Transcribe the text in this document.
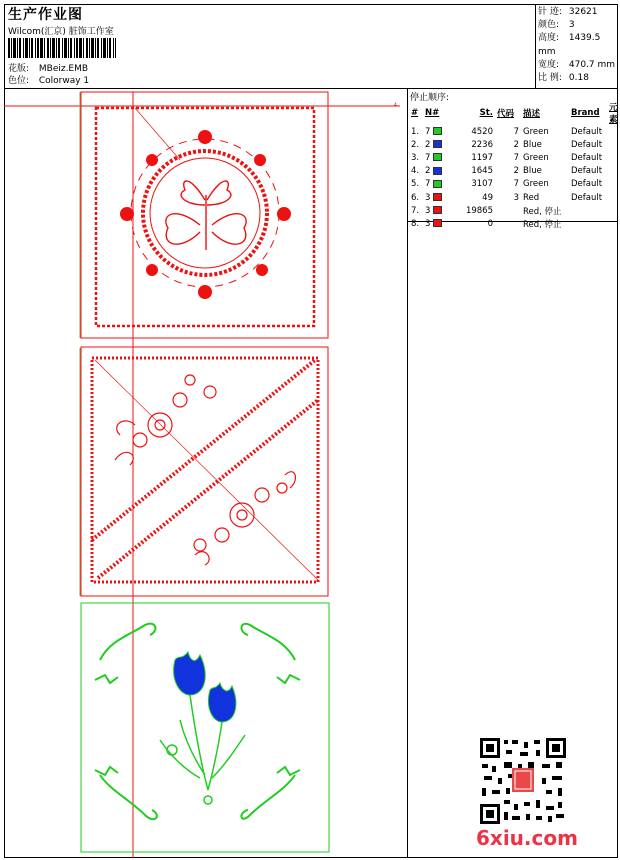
生产作业图
Wilcom(汇京) 脏饰工作室
花版: MBeiz.EMB
色位: Colorway 1
针 迹: 32621
颜色: 3
高度: 1439.5 mm
宽度: 470.7 mm
比 例: 0.18
停止顺序:
#	N#	St.	代码	描述	Brand	元素
1.	7	4520	7	Green	Default	
2.	2	2236	2	Blue	Default	
3.	7	1197	7	Green	Default	
4.	2	1645	2	Blue	Default	
5.	7	3107	7	Green	Default	
6.	3	49	3	Red	Default	
7.	3	19865		Red, 停止		
8.	3	0		Red, 停止		
₄
6xiu.com
